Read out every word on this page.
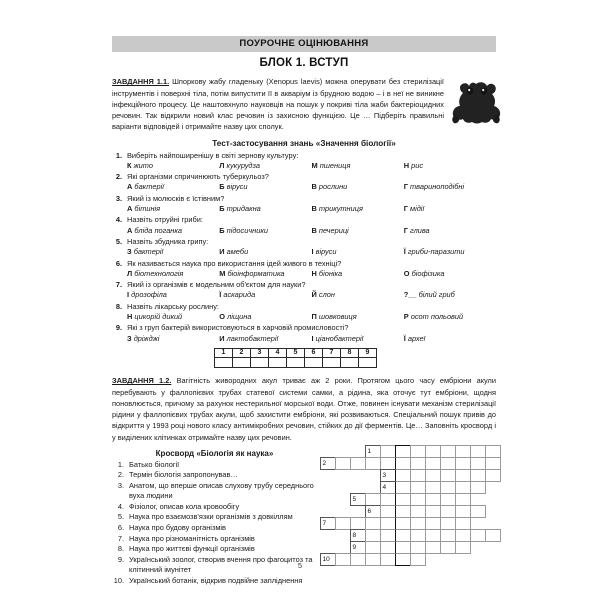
ПОУРОЧНЕ ОЦІНЮВАННЯ
БЛОК 1. ВСТУП
ЗАВДАННЯ 1.1. Шпоркову жабу гладеньку (Xenopus laevis) можна оперувати без стерилізації інструментів і поверхні тіла, потім випустити її в акваріум із брудною водою – і в неї не виникне інфекційного процесу. Це наштовхнуло науковців на пошук у покриві тіла жаби бактеріоцидних речовин. Так відкрили новий клас речовин із захисною функцією. Це … Підберіть правильні варіанти відповідей і отримайте назву цих сполук.
Тест-застосування знань «Значення біології»
1. Виберіть найпоширенішу в світі зернову культуру:
К жито	Л кукурудза	М пшениця	Н рис
2. Які організми спричинюють туберкульоз?
А бактерії	Б віруси	В рослини	Г твариноподібні
3. Який із молюсків є їстівним?
А бітинія	Б тридакна	В трикутниця	Г мідії
4. Назвіть отруйні гриби:
А бліда поганка	Б підосичники	В печериці	Г глива
5. Назвіть збудника грипу:
З бактерії	И амеби	І віруси	Ї гриби-паразити
6. Як називається наука про використання ідей живого в техніці?
Л біотехнологія	М біоінформатика	Н біоніка	О біофізика
7. Який із організмів є модельним об'єктом для науки?
І дрозофіла	Ї аскарида	Й слон	?__ білий гриб
8. Назвіть лікарську рослину:
Н цикорій дикий	О ліщина	П шовковиця	Р осот польовий
9. Які з груп бактерій використовуються в харчовій промисловості?
З дріжджі	И лактобактерії	І ціанобактерії	Ї археї
1	2	3	4	5	6	7	8	9

ЗАВДАННЯ 1.2. Вагітність живородних акул триває аж 2 роки. Протягом цього часу ембріони акули перебувають у фаллопієвих трубах статевої системи самки, а рідина, яка оточує тут ембріони, щодня поновлюється, причому за рахунок нестерильної морської води. Отже, повинен існувати механізм стерилізації рідини у фаллопієвих трубах акули, щоб захистити ембріони, які розвиваються. Спеціальний пошук привів до відкриття у 1993 році нового класу антимікробних речовин, стійких до дії ферментів. Це… Заповніть кросворд і у виділених клітинках отримайте назву цих речовин.
Кросворд «Біологія як наука»
1. Батько біології
2. Термін біологія запропонував…
3. Анатом, що вперше описав слухову трубу середнього вуха людини
4. Фізіолог, описав кола кровообігу
5. Наука про взаємозв'язки організмів з довкіллям
6. Наука про будову організмів
7. Наука про різноманітність організмів
8. Наука про життєві функції організмів
9. Український зоолог, створив вчення про фагоцитоз та клітинний імунітет
10. Український ботанік, відкрив подвійне запліднення
1
2
3
4
5
6
7
8
9
10
5
